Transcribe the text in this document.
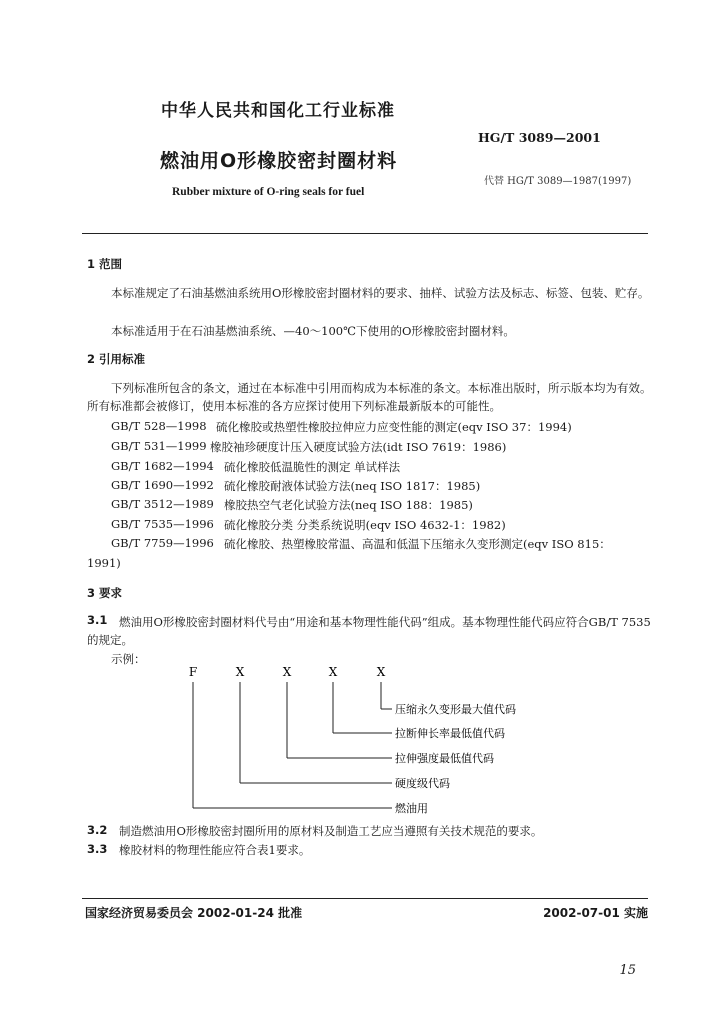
中华人民共和国化工行业标准
HG/T 3089—2001
燃油用O形橡胶密封圈材料
代替 HG/T 3089—1987(1997)
Rubber mixture of O-ring seals for fuel
1 范围
本标准规定了石油基燃油系统用O形橡胶密封圈材料的要求、抽样、试验方法及标志、标签、包装、贮存。
本标准适用于在石油基燃油系统、—40～100℃下使用的O形橡胶密封圈材料。
2 引用标准
下列标准所包含的条文，通过在本标准中引用而构成为本标准的条文。本标准出版时，所示版本均为有效。所有标准都会被修订，使用本标准的各方应探讨使用下列标准最新版本的可能性。
GB/T 528—1998 硫化橡胶或热塑性橡胶拉伸应力应变性能的测定(eqv ISO 37：1994)
GB/T 531—1999 橡胶袖珍硬度计压入硬度试验方法(idt ISO 7619：1986)
GB/T 1682—1994 硫化橡胶低温脆性的测定 单试样法
GB/T 1690—1992 硫化橡胶耐液体试验方法(neq ISO 1817：1985)
GB/T 3512—1989 橡胶热空气老化试验方法(neq ISO 188：1985)
GB/T 7535—1996 硫化橡胶分类 分类系统说明(eqv ISO 4632-1：1982)
GB/T 7759—1996 硫化橡胶、热塑橡胶常温、高温和低温下压缩永久变形测定(eqv ISO 815：
1991)
3 要求
3.1	燃油用O形橡胶密封圈材料代号由“用途和基本物理性能代码”组成。基本物理性能代码应符合GB/T 7535的规定。
示例：
F	X	X	X	X
压缩永久变形最大值代码
拉断伸长率最低值代码
拉伸强度最低值代码
硬度级代码
燃油用
3.2 制造燃油用O形橡胶密封圈所用的原材料及制造工艺应当遵照有关技术规范的要求。
3.3 橡胶材料的物理性能应符合表1要求。
国家经济贸易委员会 2002-01-24 批准	2002-07-01 实施
15
